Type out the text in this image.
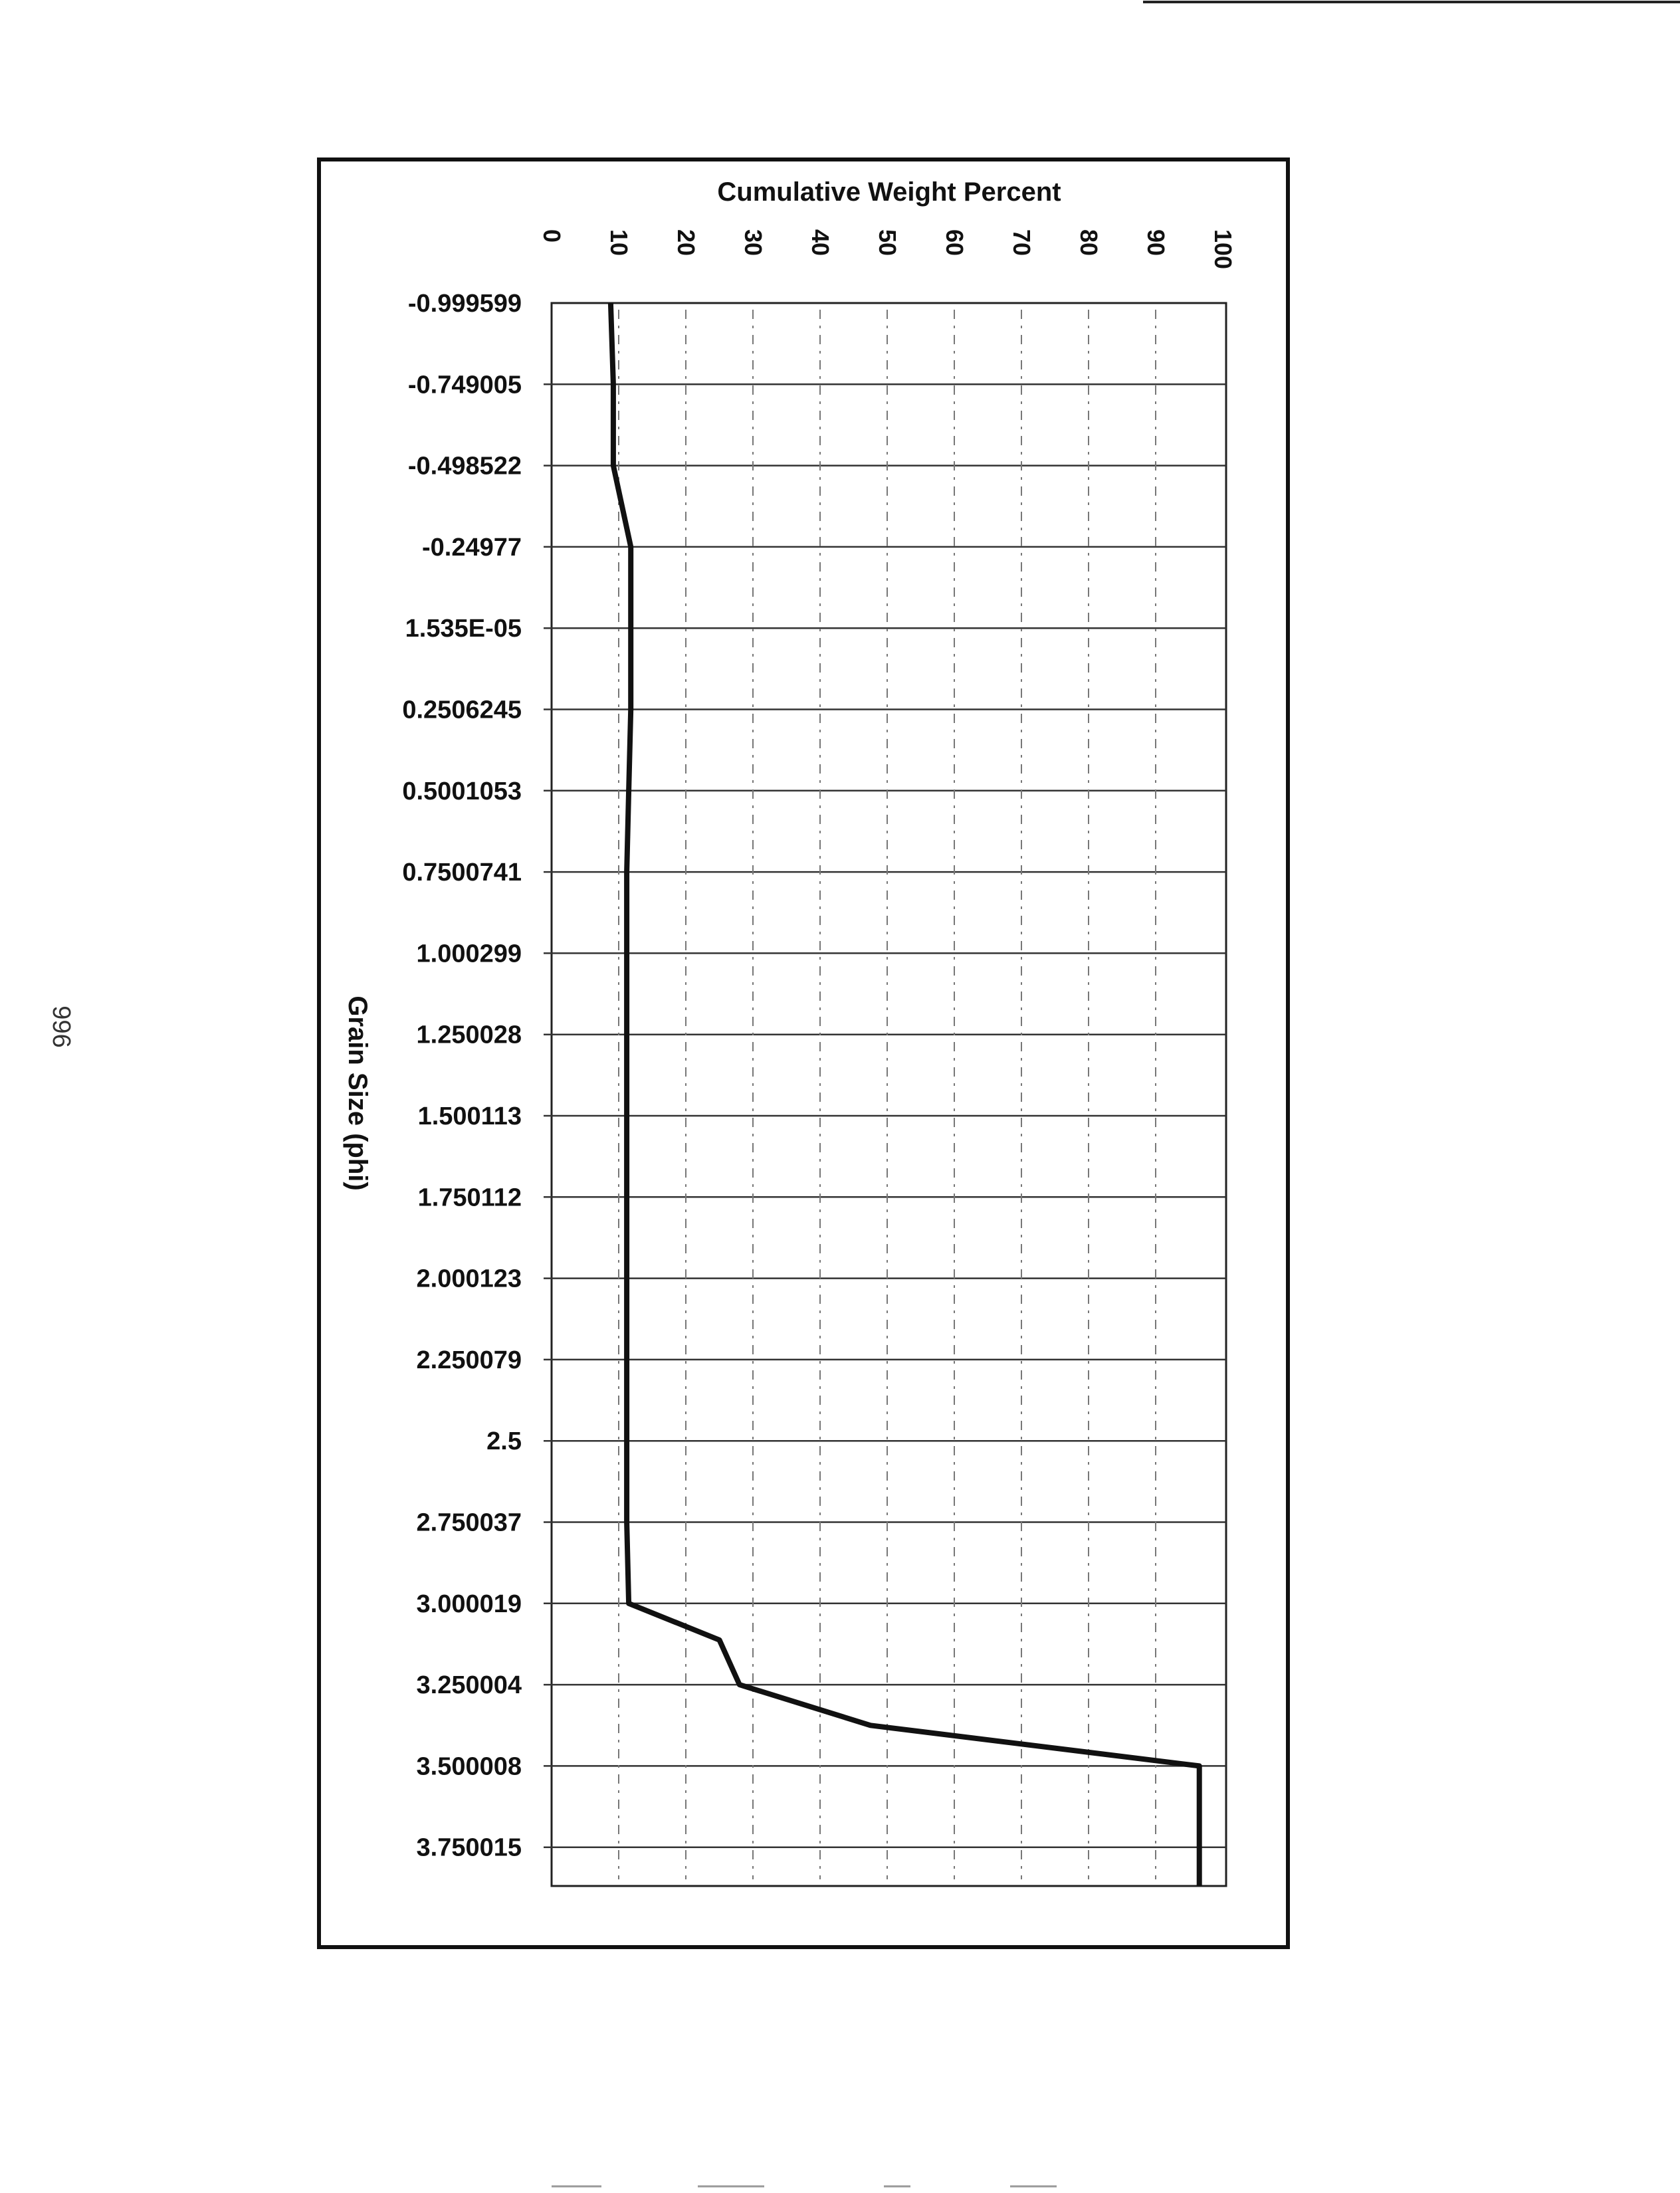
-0.999599
-0.749005
-0.498522
-0.24977
1.535E-05
0.2506245
0.5001053
0.7500741
1.000299
1.250028
1.500113
1.750112
2.000123
2.250079
2.5
2.750037
3.000019
3.250004
3.500008
3.750015
0 10 20 30 40 50 60 70 80 90 100
Cumulative Weight Percent
Grain Size (phi)
996
